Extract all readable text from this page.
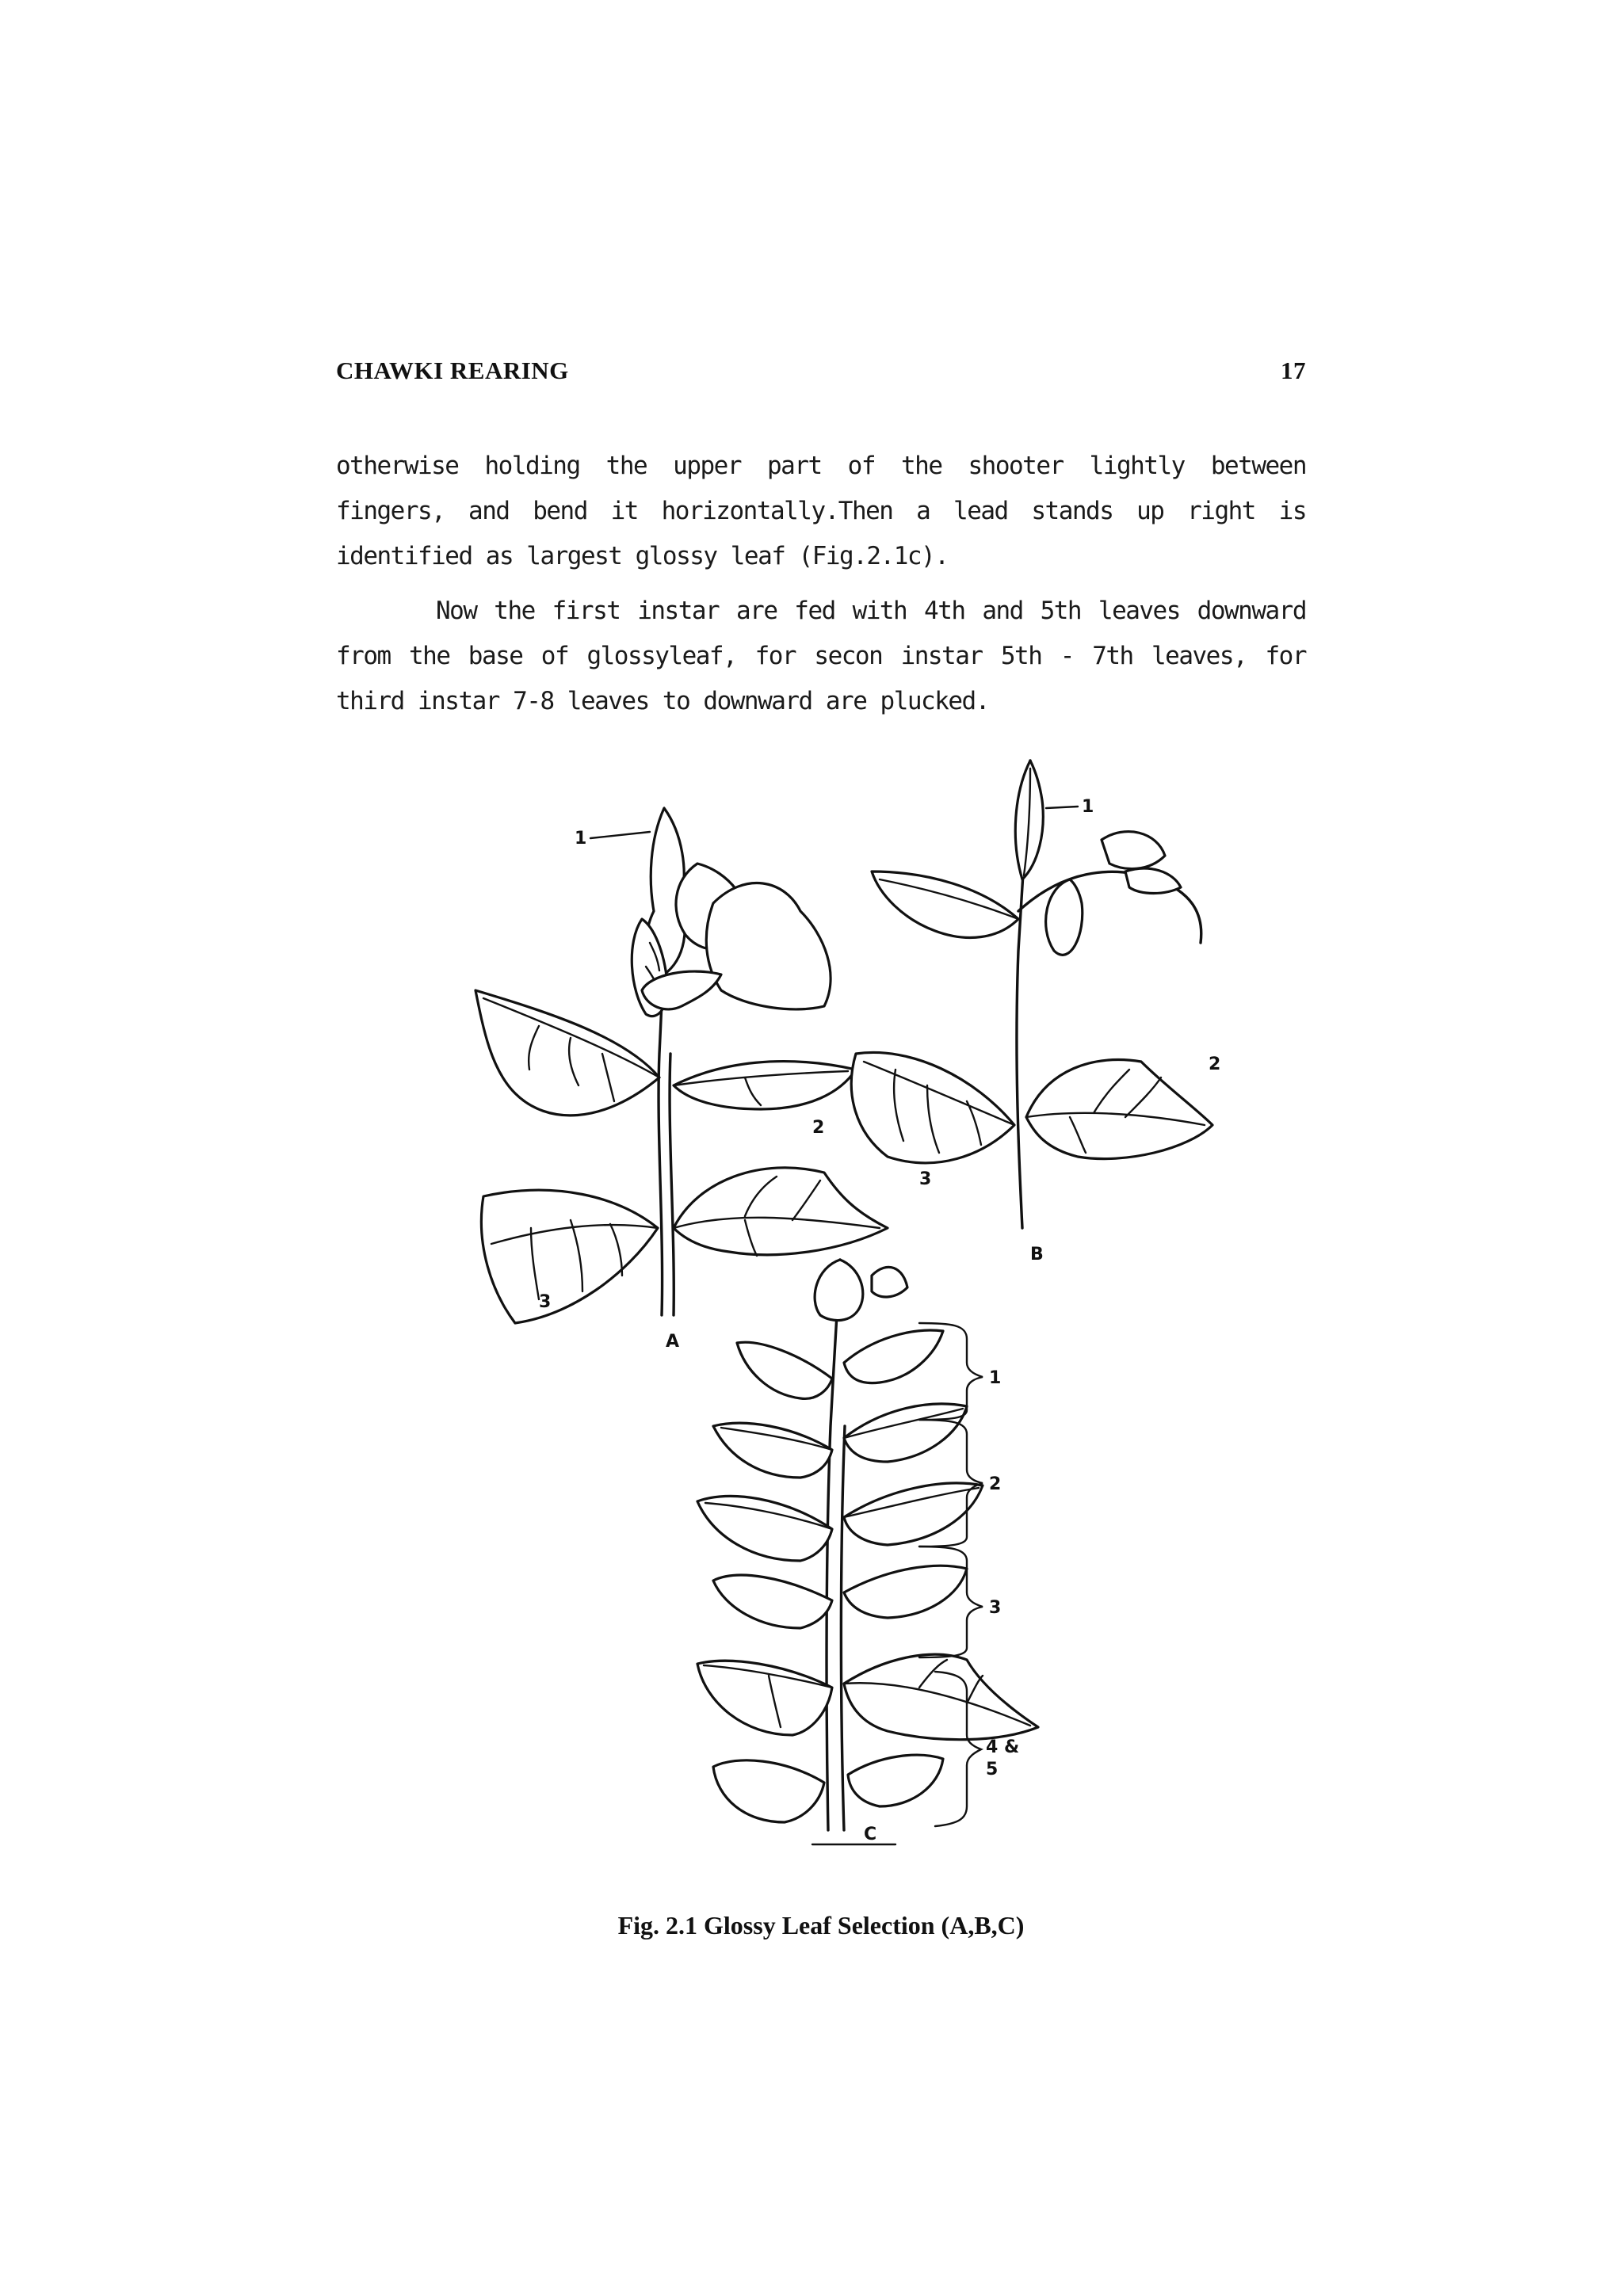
CHAWKI REARING	17

otherwise holding the upper part of the shooter lightly between fingers, and bend it horizontally.Then a lead stands up right is identified as largest glossy leaf (Fig.2.1c).

Now the first instar are fed with 4th and 5th leaves downward from the base of glossyleaf, for secon instar 5th - 7th leaves, for third instar 7-8 leaves to downward are plucked.

1
2
3
A
1
2
3
B
1
2
3
4 &
5
C
Fig. 2.1 Glossy Leaf Selection (A,B,C)
